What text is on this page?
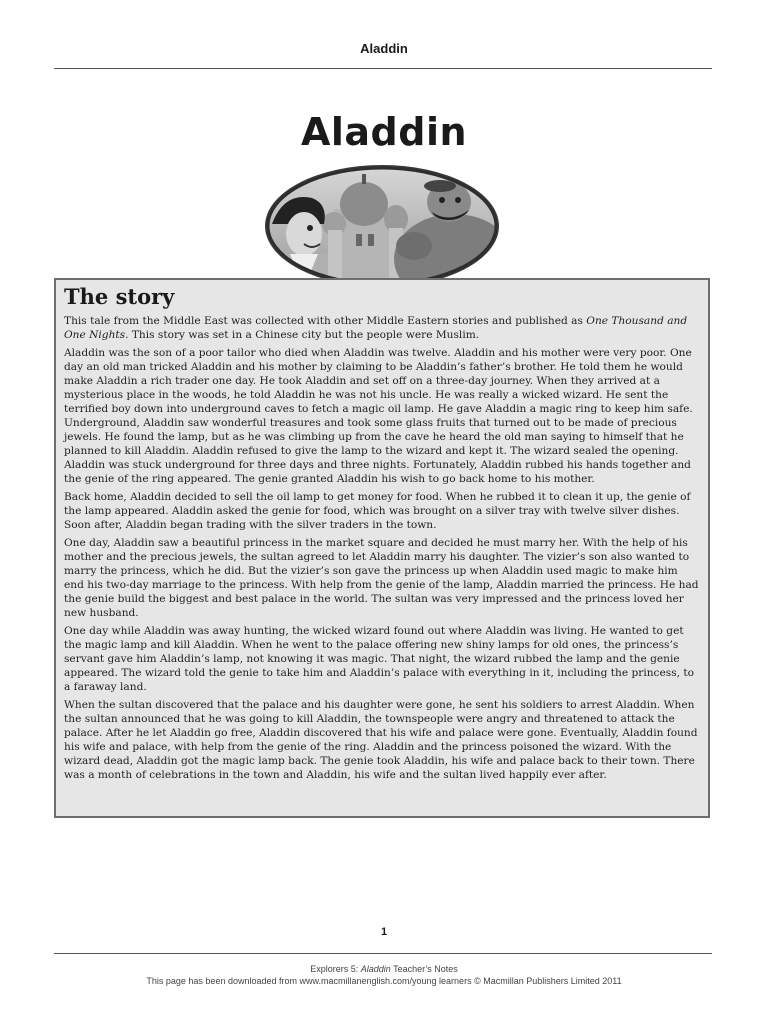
Aladdin
Aladdin
The story

This tale from the Middle East was collected with other Middle Eastern stories and published as One Thousand and One Nights. This story was set in a Chinese city but the people were Muslim.

Aladdin was the son of a poor tailor who died when Aladdin was twelve. Aladdin and his mother were very poor. One day an old man tricked Aladdin and his mother by claiming to be Aladdin’s father’s brother. He told them he would make Aladdin a rich trader one day. He took Aladdin and set off on a three-day journey. When they arrived at a mysterious place in the woods, he told Aladdin he was not his uncle. He was really a wicked wizard. He sent the terrified boy down into underground caves to fetch a magic oil lamp. He gave Aladdin a magic ring to keep him safe. Underground, Aladdin saw wonderful treasures and took some glass fruits that turned out to be made of precious jewels. He found the lamp, but as he was climbing up from the cave he heard the old man saying to himself that he planned to kill Aladdin. Aladdin refused to give the lamp to the wizard and kept it. The wizard sealed the opening. Aladdin was stuck underground for three days and three nights. Fortunately, Aladdin rubbed his hands together and the genie of the ring appeared. The genie granted Aladdin his wish to go back home to his mother.

Back home, Aladdin decided to sell the oil lamp to get money for food. When he rubbed it to clean it up, the genie of the lamp appeared. Aladdin asked the genie for food, which was brought on a silver tray with twelve silver dishes. Soon after, Aladdin began trading with the silver traders in the town.

One day, Aladdin saw a beautiful princess in the market square and decided he must marry her. With the help of his mother and the precious jewels, the sultan agreed to let Aladdin marry his daughter. The vizier’s son also wanted to marry the princess, which he did. But the vizier’s son gave the princess up when Aladdin used magic to make him end his two-day marriage to the princess. With help from the genie of the lamp, Aladdin married the princess. He had the genie build the biggest and best palace in the world. The sultan was very impressed and the princess loved her new husband.

One day while Aladdin was away hunting, the wicked wizard found out where Aladdin was living. He wanted to get the magic lamp and kill Aladdin. When he went to the palace offering new shiny lamps for old ones, the princess’s servant gave him Aladdin’s lamp, not knowing it was magic. That night, the wizard rubbed the lamp and the genie appeared. The wizard told the genie to take him and Aladdin’s palace with everything in it, including the princess, to a faraway land.

When the sultan discovered that the palace and his daughter were gone, he sent his soldiers to arrest Aladdin. When the sultan announced that he was going to kill Aladdin, the townspeople were angry and threatened to attack the palace. After he let Aladdin go free, Aladdin discovered that his wife and palace were gone. Eventually, Aladdin found his wife and palace, with help from the genie of the ring. Aladdin and the princess poisoned the wizard. With the wizard dead, Aladdin got the magic lamp back. The genie took Aladdin, his wife and palace back to their town. There was a month of celebrations in the town and Aladdin, his wife and the sultan lived happily ever after.

1
Explorers 5: Aladdin Teacher’s Notes
This page has been downloaded from www.macmillanenglish.com/young learners © Macmillan Publishers Limited 2011
